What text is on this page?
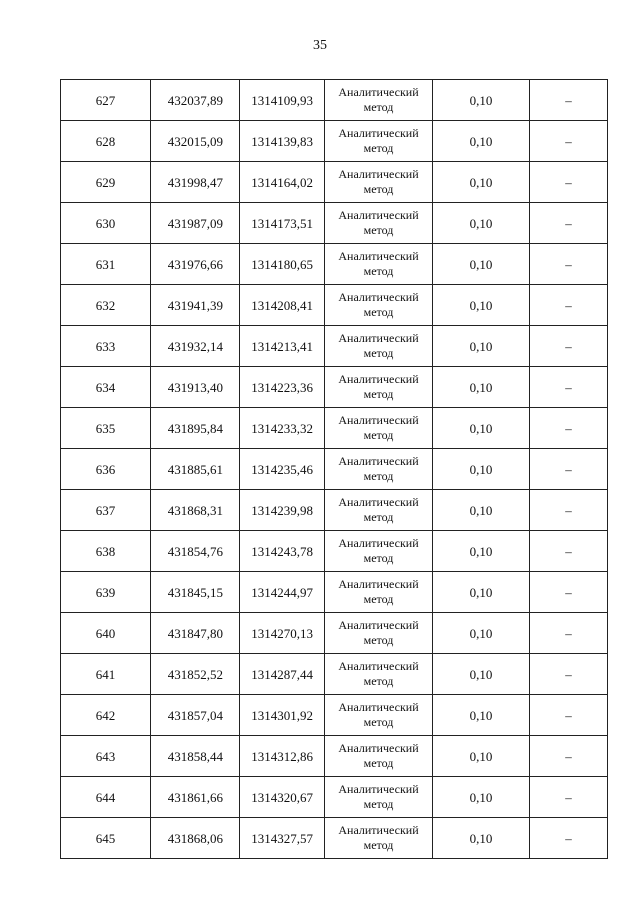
35
627	432037,89	1314109,93	Аналитический метод	0,10	–
628	432015,09	1314139,83	Аналитический метод	0,10	–
629	431998,47	1314164,02	Аналитический метод	0,10	–
630	431987,09	1314173,51	Аналитический метод	0,10	–
631	431976,66	1314180,65	Аналитический метод	0,10	–
632	431941,39	1314208,41	Аналитический метод	0,10	–
633	431932,14	1314213,41	Аналитический метод	0,10	–
634	431913,40	1314223,36	Аналитический метод	0,10	–
635	431895,84	1314233,32	Аналитический метод	0,10	–
636	431885,61	1314235,46	Аналитический метод	0,10	–
637	431868,31	1314239,98	Аналитический метод	0,10	–
638	431854,76	1314243,78	Аналитический метод	0,10	–
639	431845,15	1314244,97	Аналитический метод	0,10	–
640	431847,80	1314270,13	Аналитический метод	0,10	–
641	431852,52	1314287,44	Аналитический метод	0,10	–
642	431857,04	1314301,92	Аналитический метод	0,10	–
643	431858,44	1314312,86	Аналитический метод	0,10	–
644	431861,66	1314320,67	Аналитический метод	0,10	–
645	431868,06	1314327,57	Аналитический метод	0,10	–
